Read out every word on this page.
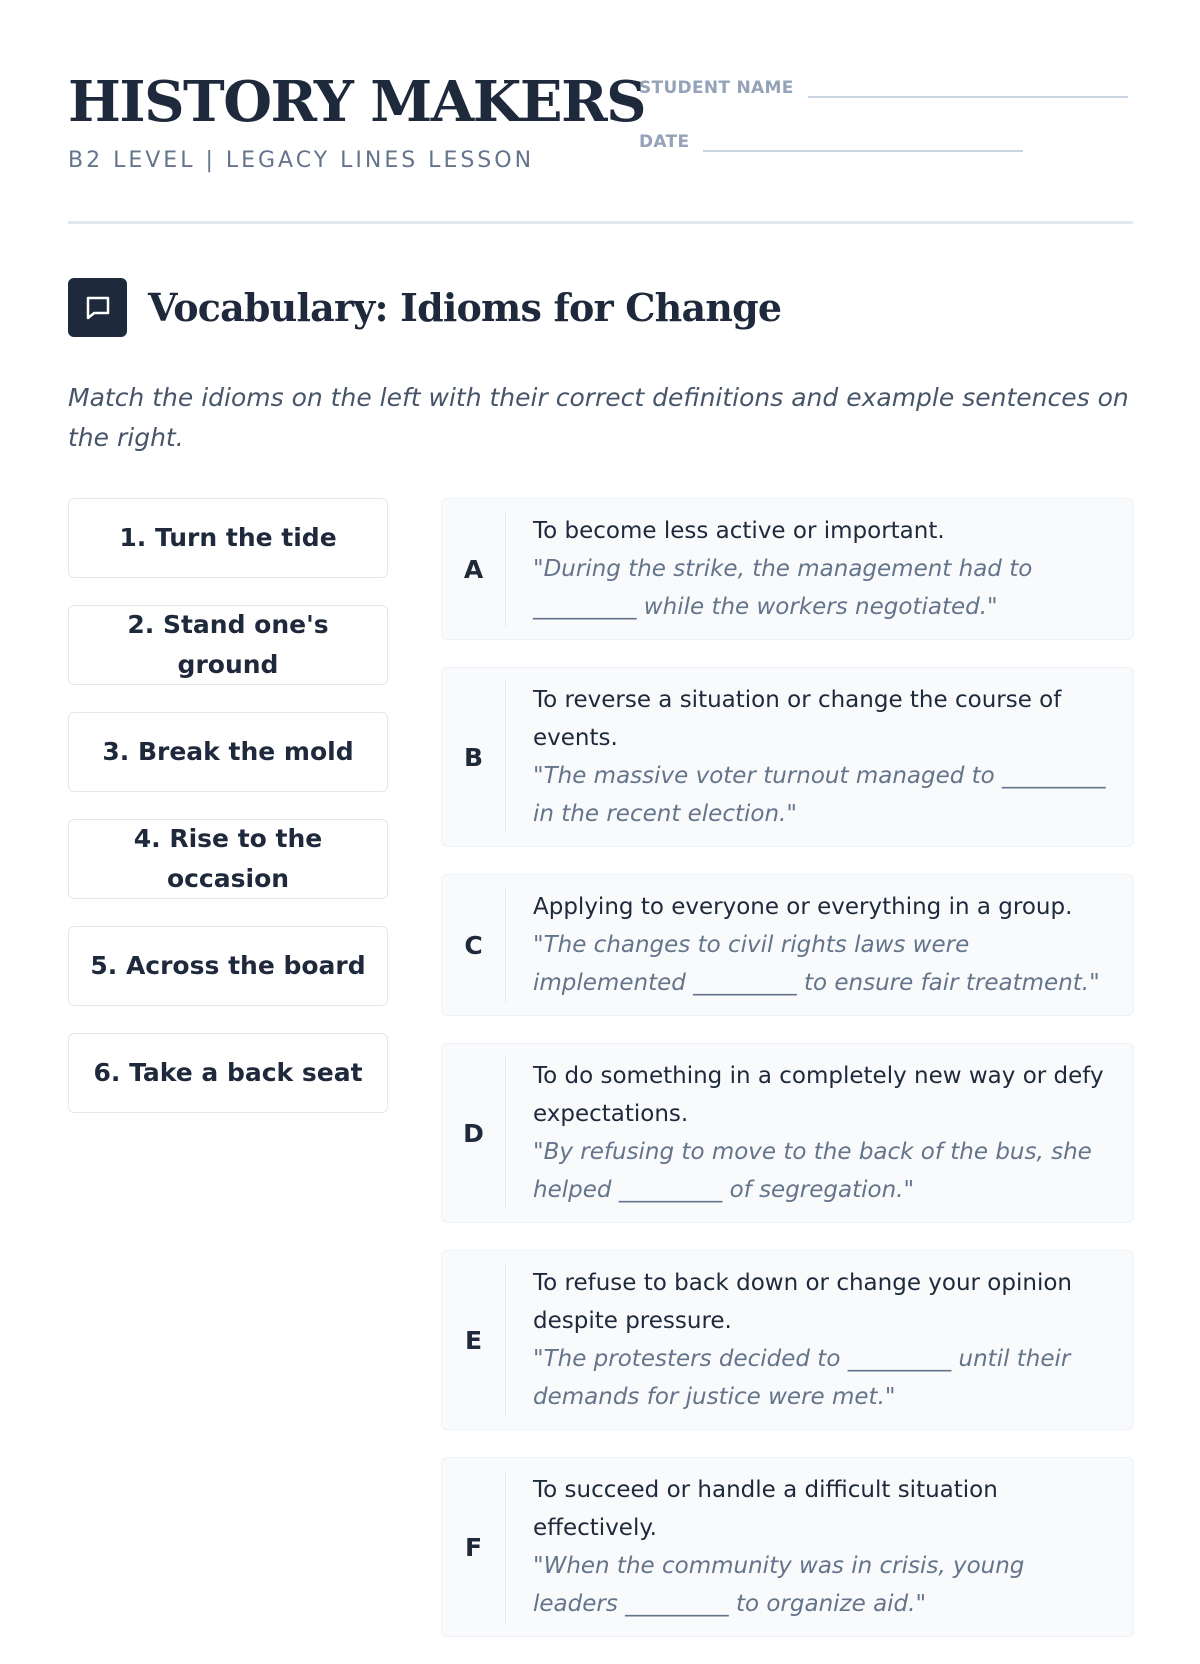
HISTORY MAKERS
B2 LEVEL | LEGACY LINES LESSON
STUDENT NAME
DATE
Vocabulary: Idioms for Change
Match the idioms on the left with their correct definitions and example sentences on the right.
1. Turn the tide
2. Stand one's ground
3. Break the mold
4. Rise to the occasion
5. Across the board
6. Take a back seat
A
To become less active or important.
"During the strike, the management had to _________ while the workers negotiated."
B
To reverse a situation or change the course of events.
"The massive voter turnout managed to _________ in the recent election."
C
Applying to everyone or everything in a group.
"The changes to civil rights laws were implemented _________ to ensure fair treatment."
D
To do something in a completely new way or defy expectations.
"By refusing to move to the back of the bus, she helped _________ of segregation."
E
To refuse to back down or change your opinion despite pressure.
"The protesters decided to _________ until their demands for justice were met."
F
To succeed or handle a difficult situation effectively.
"When the community was in crisis, young leaders _________ to organize aid."
